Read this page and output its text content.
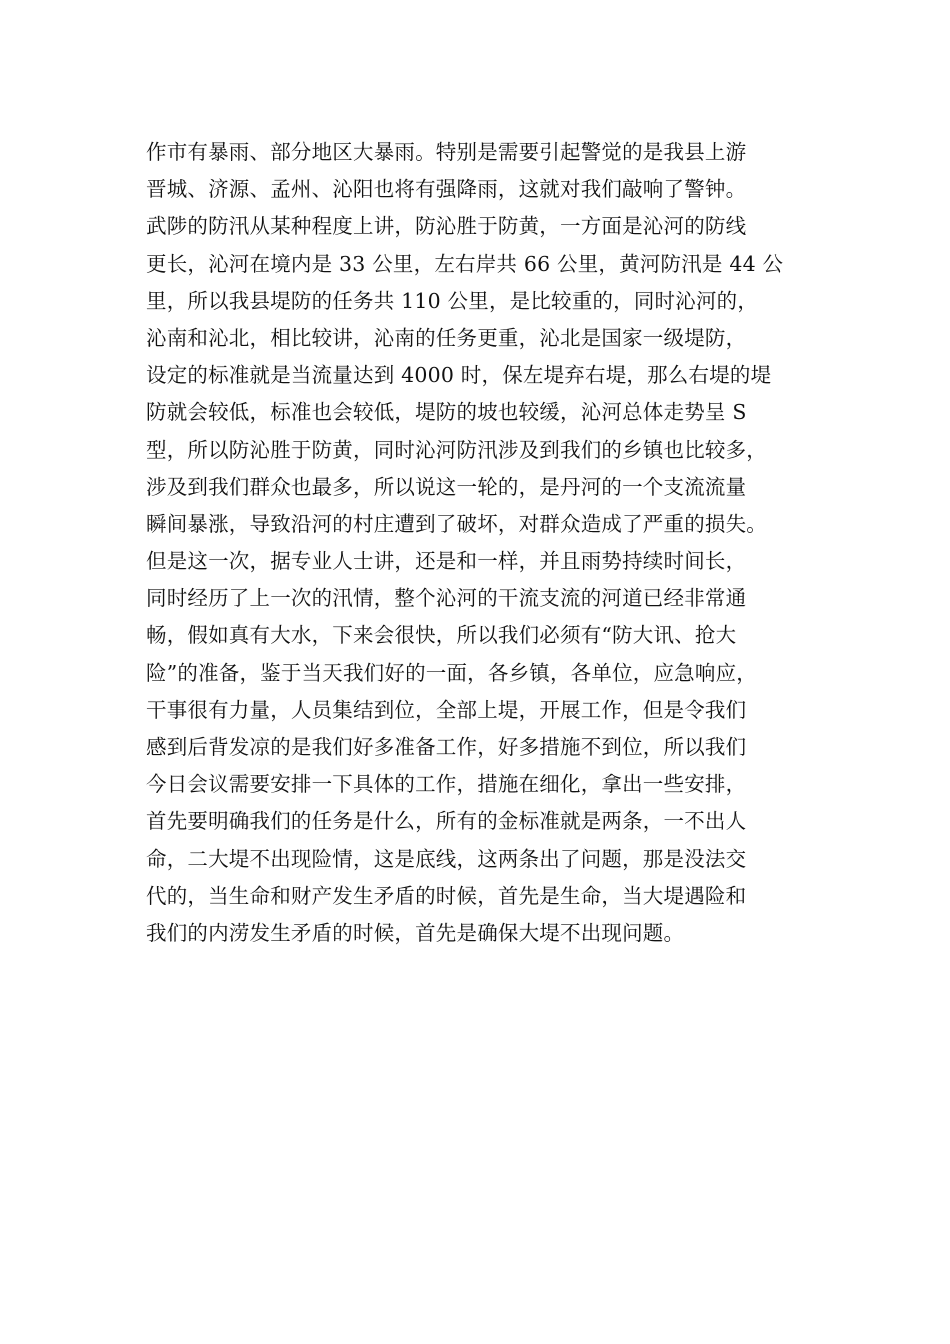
作市有暴雨、部分地区大暴雨。特别是需要引起警觉的是我县上游
晋城、济源、孟州、沁阳也将有强降雨，这就对我们敲响了警钟。
武陟的防汛从某种程度上讲，防沁胜于防黄，一方面是沁河的防线
更长，沁河在境内是 33 公里，左右岸共 66 公里，黄河防汛是 44 公
里，所以我县堤防的任务共 110 公里，是比较重的，同时沁河的，
沁南和沁北，相比较讲，沁南的任务更重，沁北是国家一级堤防，
设定的标准就是当流量达到 4000 时，保左堤弃右堤，那么右堤的堤
防就会较低，标准也会较低，堤防的坡也较缓，沁河总体走势呈 S
型，所以防沁胜于防黄，同时沁河防汛涉及到我们的乡镇也比较多，
涉及到我们群众也最多，所以说这一轮的，是丹河的一个支流流量
瞬间暴涨，导致沿河的村庄遭到了破坏，对群众造成了严重的损失。
但是这一次，据专业人士讲，还是和一样，并且雨势持续时间长，
同时经历了上一次的汛情，整个沁河的干流支流的河道已经非常通
畅，假如真有大水，下来会很快，所以我们必须有“防大讯、抢大
险”的准备，鉴于当天我们好的一面，各乡镇，各单位，应急响应，
干事很有力量，人员集结到位，全部上堤，开展工作，但是令我们
感到后背发凉的是我们好多准备工作，好多措施不到位，所以我们
今日会议需要安排一下具体的工作，措施在细化，拿出一些安排，
首先要明确我们的任务是什么，所有的金标准就是两条，一不出人
命，二大堤不出现险情，这是底线，这两条出了问题，那是没法交
代的，当生命和财产发生矛盾的时候，首先是生命，当大堤遇险和
我们的内涝发生矛盾的时候，首先是确保大堤不出现问题。
